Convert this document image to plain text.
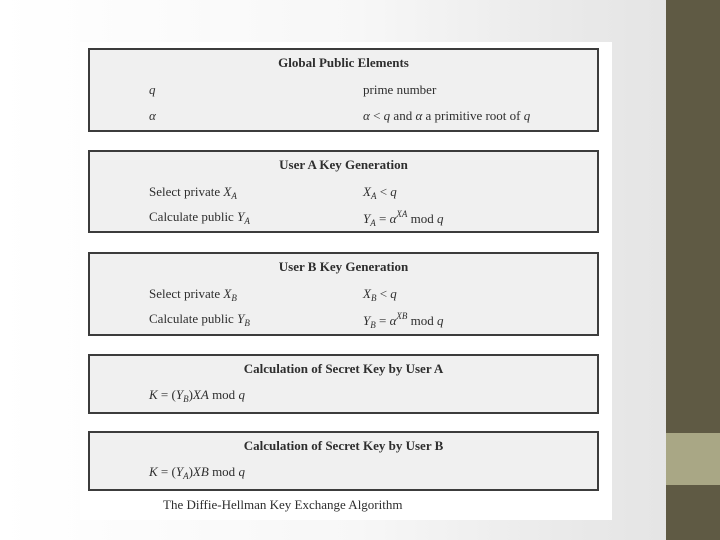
Global Public Elements
q	prime number
α	α < q and α a primitive root of q
User A Key Generation
Select private $X_A$	$X_A < q$
Calculate public $Y_A$	$Y_A = \alpha^{XA}$ mod q
User B Key Generation
Select private $X_B$	$X_B < q$
Calculate public $Y_B$	$Y_B = \alpha^{XB}$ mod q
Calculation of Secret Key by User A
$K = (Y_B)XA$ mod q
Calculation of Secret Key by User B
$K = (Y_A)XB$ mod q
The Diffie-Hellman Key Exchange Algorithm
